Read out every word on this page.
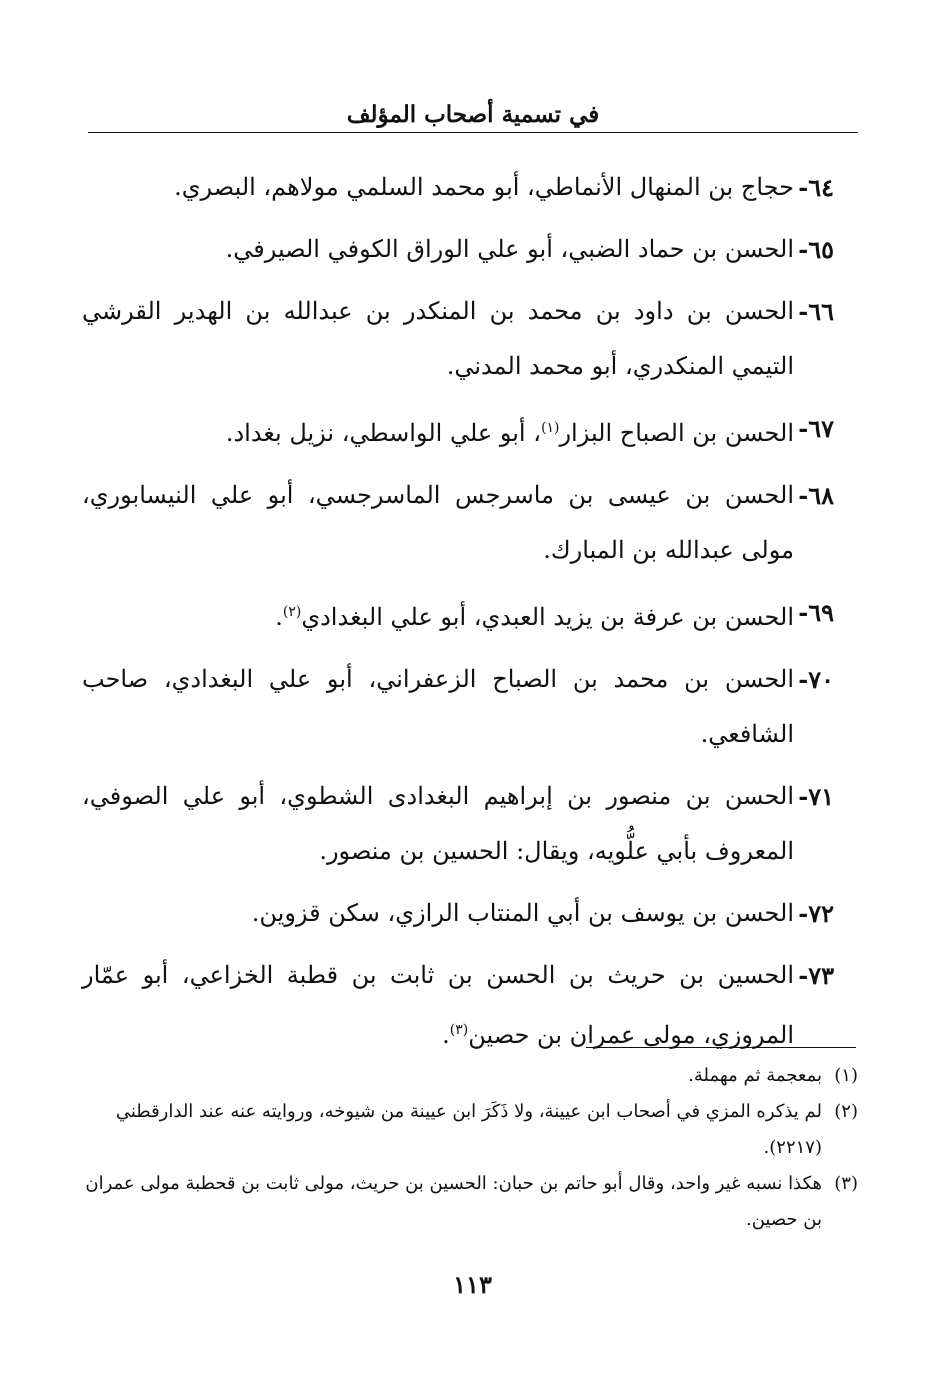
في تسمية أصحاب المؤلف
٦٤-
حجاج بن المنهال الأنماطي، أبو محمد السلمي مولاهم، البصري.
٦٥-
الحسن بن حماد الضبي، أبو علي الوراق الكوفي الصيرفي.
٦٦-
الحسن بن داود بن محمد بن المنكدر بن عبدالله بن الهدير القرشي التيمي المنكدري، أبو محمد المدني.
٦٧-
الحسن بن الصباح البزار$^{(١)}$، أبو علي الواسطي، نزيل بغداد.
٦٨-
الحسن بن عيسى بن ماسرجس الماسرجسي، أبو علي النيسابوري، مولى عبدالله بن المبارك.
٦٩-
الحسن بن عرفة بن يزيد العبدي، أبو علي البغدادي$^{(٢)}$.
٧٠-
الحسن بن محمد بن الصباح الزعفراني، أبو علي البغدادي، صاحب الشافعي.
٧١-
الحسن بن منصور بن إبراهيم البغدادى الشطوي، أبو علي الصوفي، المعروف بأبي علُّويه، ويقال: الحسين بن منصور.
٧٢-
الحسن بن يوسف بن أبي المنتاب الرازي، سكن قزوين.
٧٣-
الحسين بن حريث بن الحسن بن ثابت بن قطبة الخزاعي، أبو عمّار المروزي، مولى عمران بن حصين$^{(٣)}$.
(١)
بمعجمة ثم مهملة.
(٢)
لم يذكره المزي في أصحاب ابن عيينة، ولا ذَكَرَ ابن عيينة من شيوخه، وروايته عنه عند الدارقطني (٢٢١٧).
(٣)
هكذا نسبه غير واحد، وقال أبو حاتم بن حبان: الحسين بن حريث، مولى ثابت بن قحطبة مولى عمران بن حصين.
١١٣
